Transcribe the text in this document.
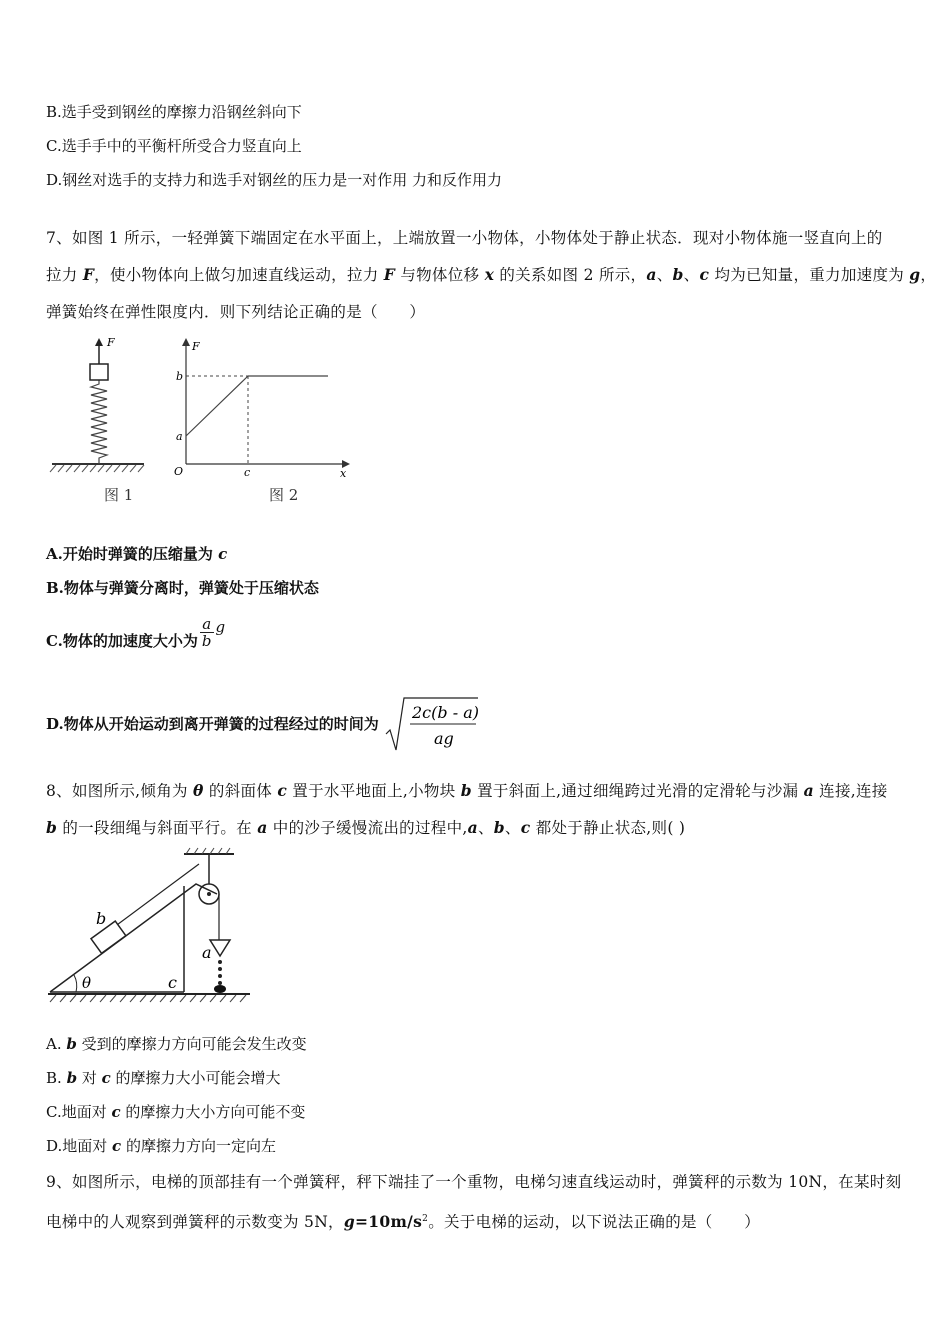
B.选手受到钢丝的摩擦力沿钢丝斜向下
C.选手手中的平衡杆所受合力竖直向上
D.钢丝对选手的支持力和选手对钢丝的压力是一对作用 力和反作用力
7、如图 1 所示，一轻弹簧下端固定在水平面上，上端放置一小物体，小物体处于静止状态．现对小物体施一竖直向上的
拉力 F，使小物体向上做匀加速直线运动，拉力 F 与物体位移 x 的关系如图 2 所示，a、b、c 均为已知量，重力加速度为 g，
弹簧始终在弹性限度内．则下列结论正确的是（　　）
F
图 1
F
b
a
O	c	x
图 2
A.开始时弹簧的压缩量为 c
B.物体与弹簧分离时，弹簧处于压缩状态
C.物体的加速度大小为 $\frac{a}{b}$ g
D.物体从开始运动到离开弹簧的过程经过的时间为
2c(b - a)
ag
8、如图所示,倾角为 θ 的斜面体 c 置于水平地面上,小物块 b 置于斜面上,通过细绳跨过光滑的定滑轮与沙漏 a 连接,连接
b 的一段细绳与斜面平行。在 a 中的沙子缓慢流出的过程中,a、b、c 都处于静止状态,则( )
b
a
c
θ
A. b 受到的摩擦力方向可能会发生改变
B. b 对 c 的摩擦力大小可能会增大
C.地面对 c 的摩擦力大小方向可能不变
D.地面对 c 的摩擦力方向一定向左
9、如图所示，电梯的顶部挂有一个弹簧秤，秤下端挂了一个重物，电梯匀速直线运动时，弹簧秤的示数为 10N，在某时刻
电梯中的人观察到弹簧秤的示数变为 5N，$g=10m/s^2$。关于电梯的运动，以下说法正确的是（　　）
